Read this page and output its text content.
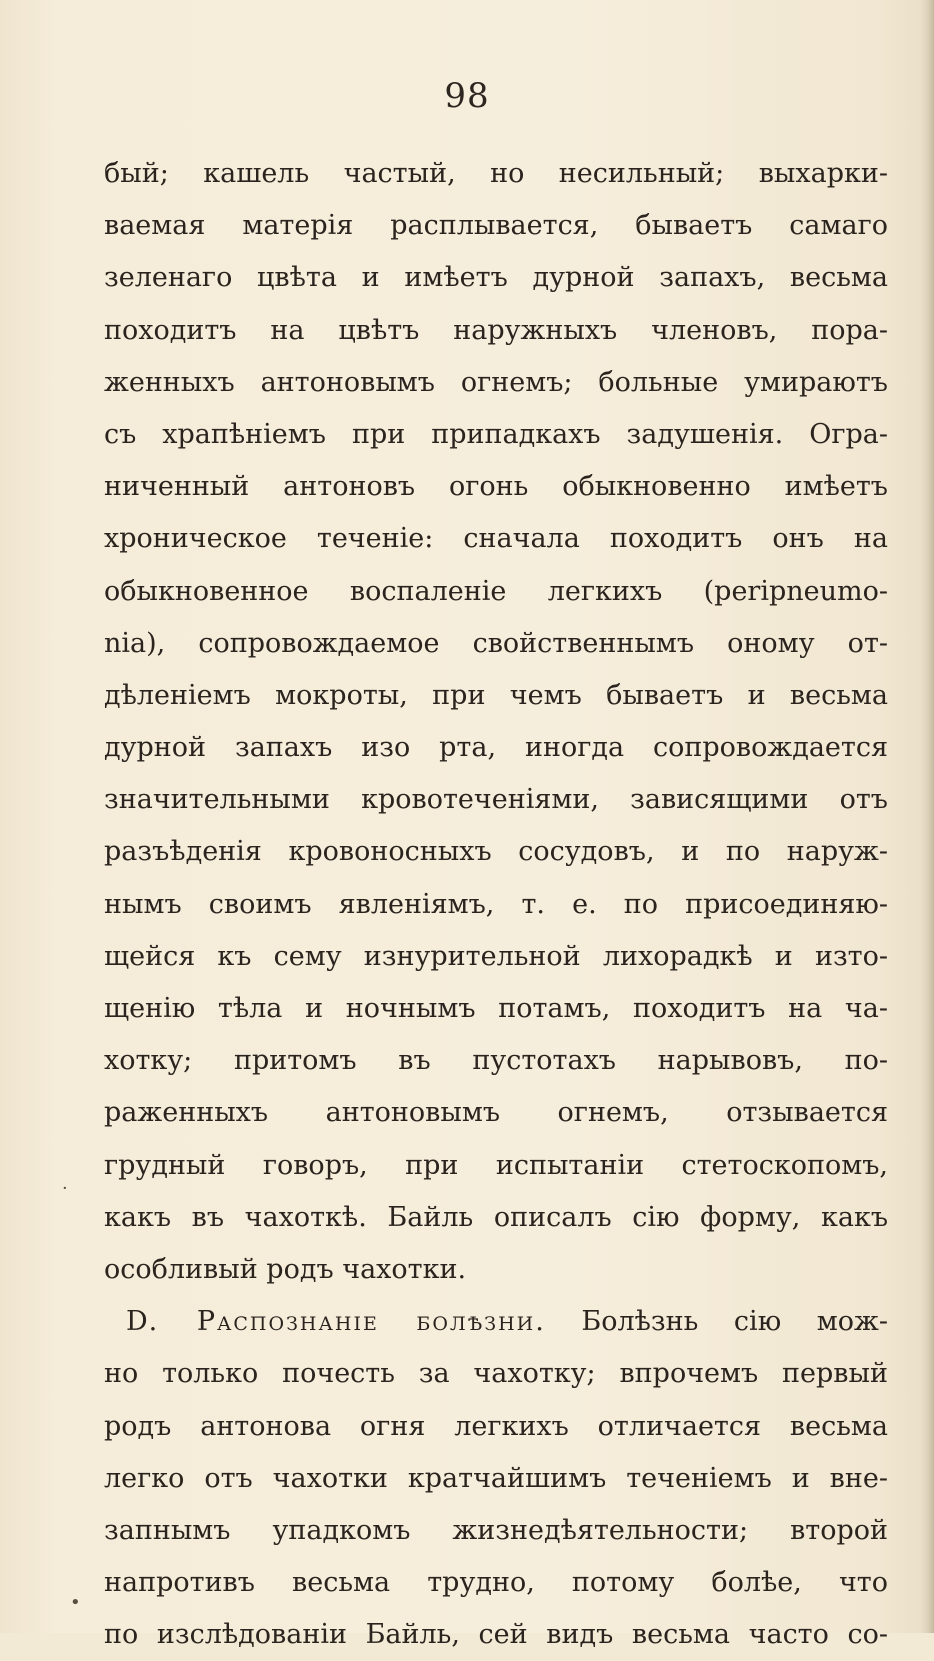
98
бый; кашель частый, но несильный; выхарки-
ваемая матерія расплывается, бываетъ самаго
зеленаго цвѣта и имѣетъ дурной запахъ, весьма
походитъ на цвѣтъ наружныхъ членовъ, пора-
женныхъ антоновымъ огнемъ; больные умираютъ
съ храпѣніемъ при припадкахъ задушенія. Огра-
ниченный антоновъ огонь обыкновенно имѣетъ
хроническое теченіе: сначала походитъ онъ на
обыкновенное воспаленіе легкихъ (peripneumo-
nia), сопровождаемое свойственнымъ оному от-
дѣленіемъ мокроты, при чемъ бываетъ и весьма
дурной запахъ изо рта, иногда сопровождается
значительными кровотеченіями, зависящими отъ
разъѣденія кровоносныхъ сосудовъ, и по наруж-
нымъ своимъ явленіямъ, т. е. по присоединяю-
щейся къ сему изнурительной лихорадкѣ и изто-
щенію тѣла и ночнымъ потамъ, походитъ на ча-
хотку; притомъ въ пустотахъ нарывовъ, по-
раженныхъ антоновымъ огнемъ, отзывается
грудный говоръ, при испытаніи стетоскопомъ,
какъ въ чахоткѣ. Байль описалъ сію форму, какъ
особливый родъ чахотки.
D. Распознаніе болѣзни. Болѣзнь сію мож-
но только почесть за чахотку; впрочемъ первый
родъ антонова огня легкихъ отличается весьма
легко отъ чахотки кратчайшимъ теченіемъ и вне-
запнымъ упадкомъ жизнедѣятельности; второй
напротивъ весьма трудно, потому болѣе, что
по изслѣдованіи Байль, сей видъ весьма часто со-
·
•
